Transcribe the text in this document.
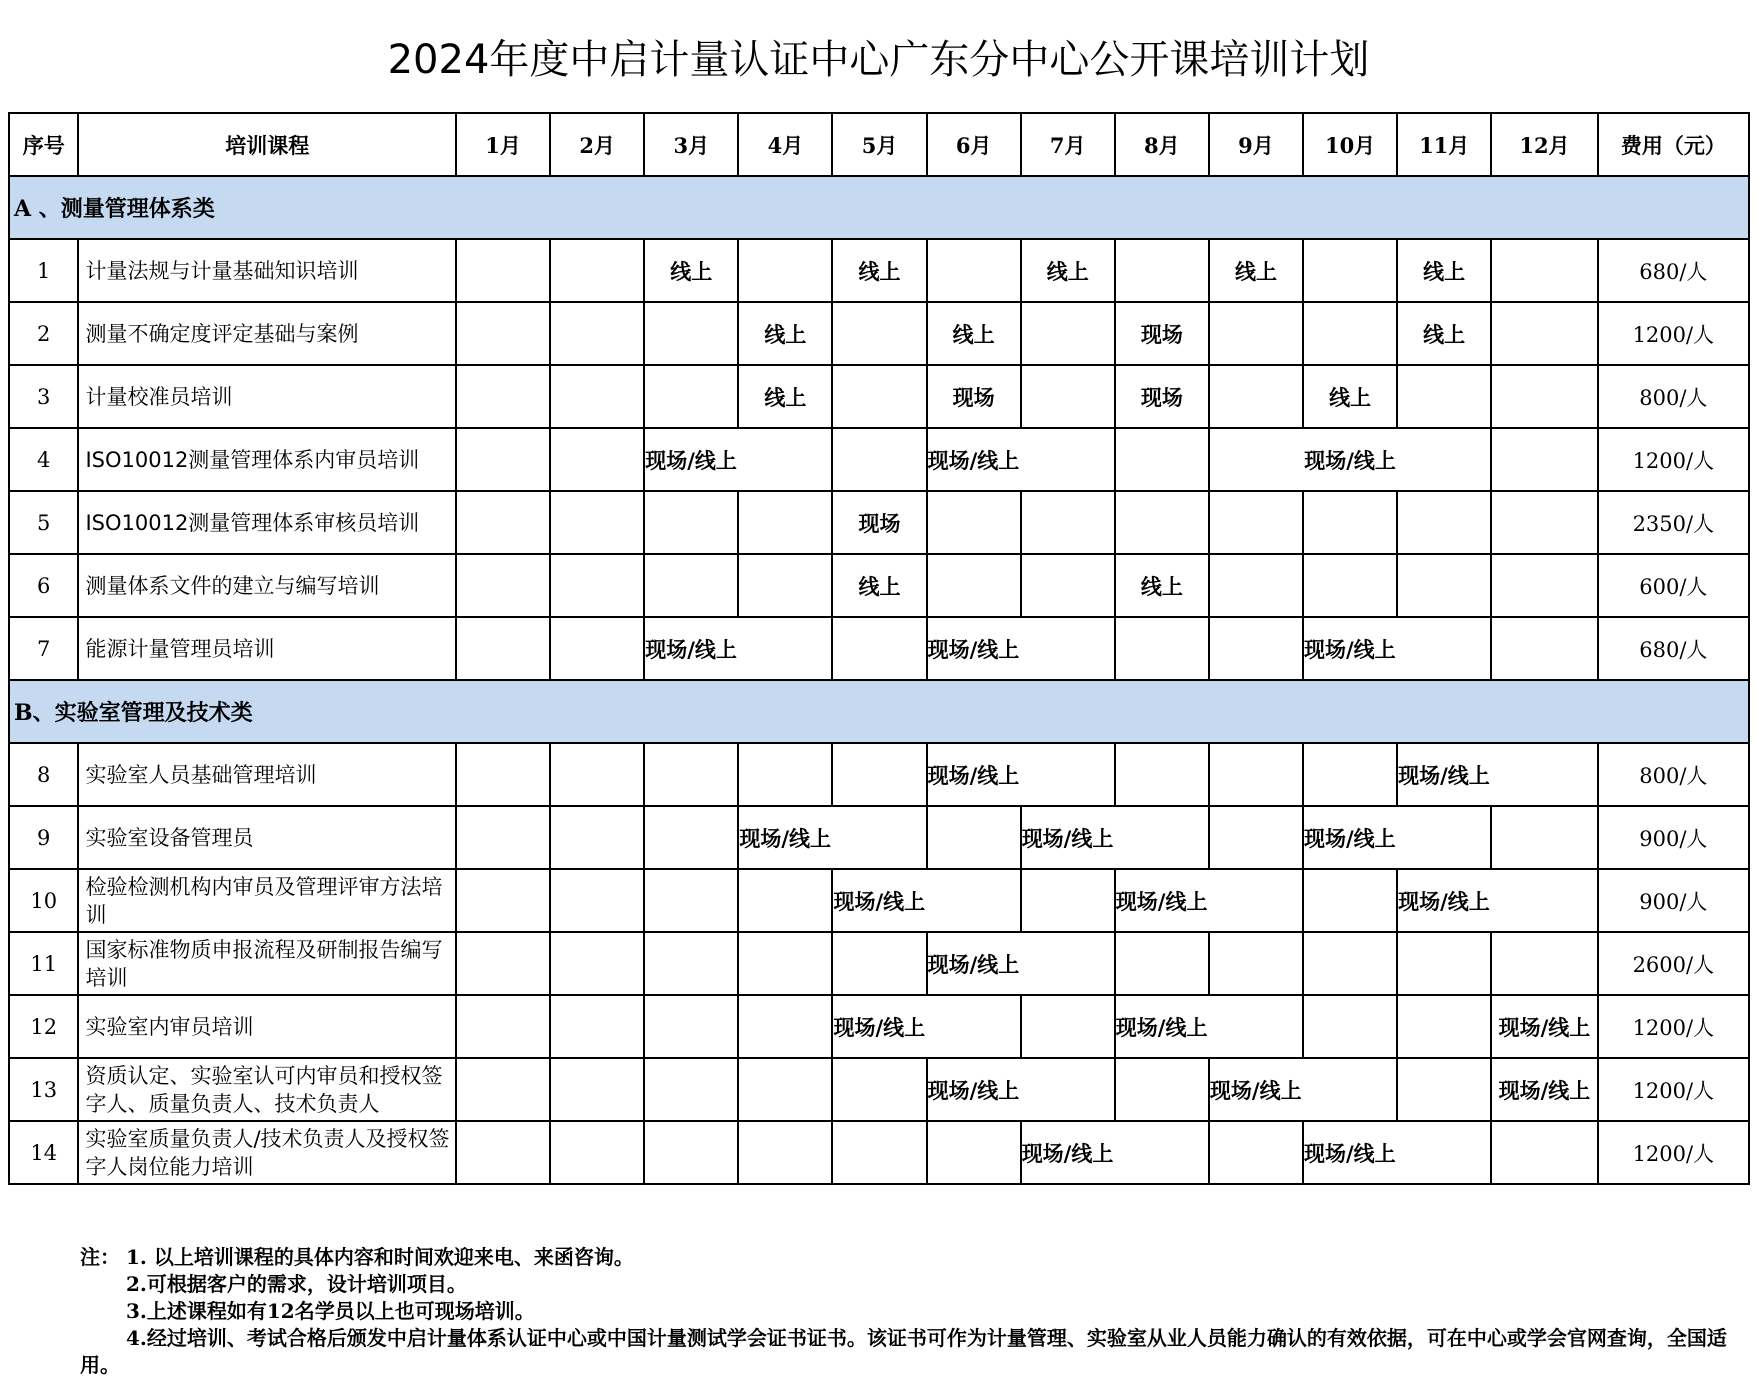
2024年度中启计量认证中心广东分中心公开课培训计划
序号	培训课程	1月	2月	3月	4月	5月	6月	7月	8月	9月	10月	11月	12月	费用（元）
A 、测量管理体系类														
1	计量法规与计量基础知识培训			线上		线上		线上		线上		线上		680/人
2	测量不确定度评定基础与案例				线上		线上		现场			线上		1200/人
3	计量校准员培训				线上		现场		现场		线上			800/人
4	ISO10012测量管理体系内审员培训			现场/线上			现场/线上			现场/线上				1200/人
5	ISO10012测量管理体系审核员培训					现场								2350/人
6	测量体系文件的建立与编写培训					线上			线上					600/人
7	能源计量管理员培训			现场/线上			现场/线上				现场/线上			680/人
B、实验室管理及技术类														
8	实验室人员基础管理培训						现场/线上					现场/线上		800/人
9	实验室设备管理员				现场/线上			现场/线上			现场/线上			900/人
10	检验检测机构内审员及管理评审方法培训					现场/线上			现场/线上			现场/线上		900/人
11	国家标准物质申报流程及研制报告编写培训						现场/线上							2600/人
12	实验室内审员培训					现场/线上			现场/线上				现场/线上	1200/人
13	资质认定、实验室认可内审员和授权签字人、质量负责人、技术负责人						现场/线上			现场/线上			现场/线上	1200/人
14	实验室质量负责人/技术负责人及授权签字人岗位能力培训							现场/线上			现场/线上			1200/人
注： 1. 以上培训课程的具体内容和时间欢迎来电、来函咨询。
2.可根据客户的需求，设计培训项目。
3.上述课程如有12名学员以上也可现场培训。
4.经过培训、考试合格后颁发中启计量体系认证中心或中国计量测试学会证书证书。该证书可作为计量管理、实验室从业人员能力确认的有效依据，可在中心或学会官网查询，全国适用。
